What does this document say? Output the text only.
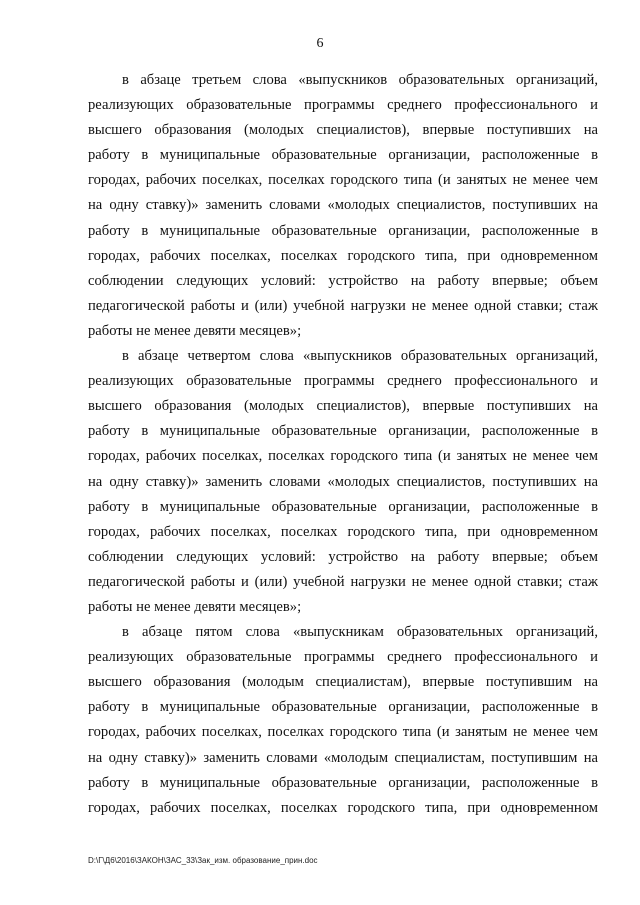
6
в абзаце третьем слова «выпускников образовательных организаций,
реализующих образовательные программы среднего профессионального и
высшего образования (молодых специалистов), впервые поступивших на
работу в муниципальные образовательные организации, расположенные в
городах, рабочих поселках, поселках городского типа (и занятых не менее чем
на одну ставку)» заменить словами «молодых специалистов, поступивших на
работу в муниципальные образовательные организации, расположенные в
городах, рабочих поселках, поселках городского типа, при одновременном
соблюдении следующих условий: устройство на работу впервые; объем
педагогической работы и (или) учебной нагрузки не менее одной ставки; стаж
работы не менее девяти месяцев»;
в абзаце четвертом слова «выпускников образовательных организаций,
реализующих образовательные программы среднего профессионального и
высшего образования (молодых специалистов), впервые поступивших на
работу в муниципальные образовательные организации, расположенные в
городах, рабочих поселках, поселках городского типа (и занятых не менее чем
на одну ставку)» заменить словами «молодых специалистов, поступивших на
работу в муниципальные образовательные организации, расположенные в
городах, рабочих поселках, поселках городского типа, при одновременном
соблюдении следующих условий: устройство на работу впервые; объем
педагогической работы и (или) учебной нагрузки не менее одной ставки; стаж
работы не менее девяти месяцев»;
в абзаце пятом слова «выпускникам образовательных организаций,
реализующих образовательные программы среднего профессионального и
высшего образования (молодым специалистам), впервые поступившим на
работу в муниципальные образовательные организации, расположенные в
городах, рабочих поселках, поселках городского типа (и занятым не менее чем
на одну ставку)» заменить словами «молодым специалистам, поступившим на
работу в муниципальные образовательные организации, расположенные в
городах, рабочих поселках, поселках городского типа, при одновременном
D:\Г\Д6\2016\ЗАКОН\ЗАС_33\Зак_изм. образование_прин.doc
